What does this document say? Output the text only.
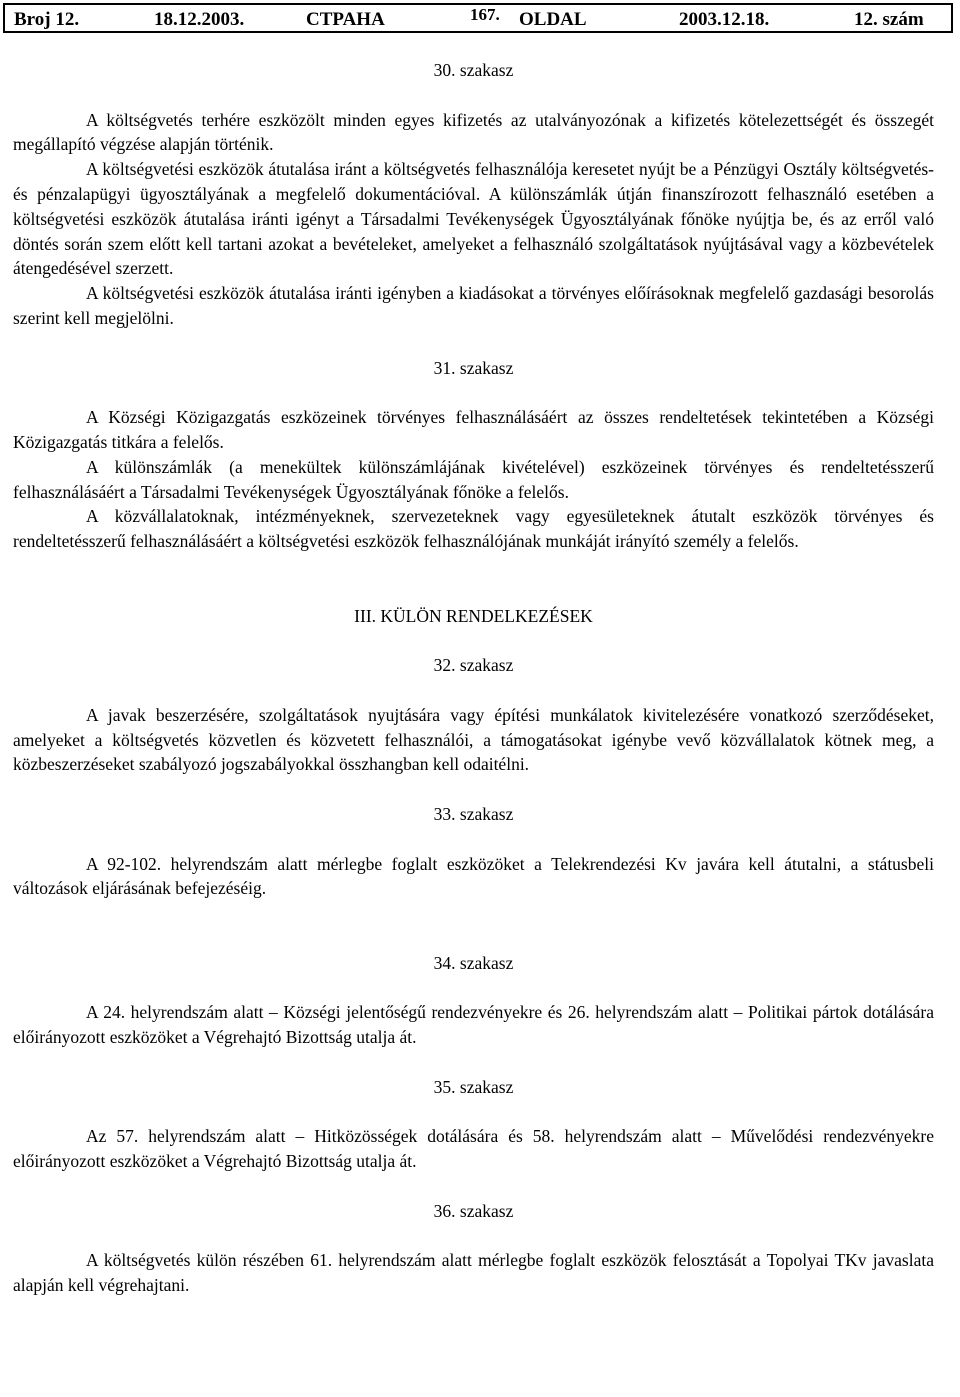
Broj 12.	18.12.2003.	CTPAHA	167. OLDAL	2003.12.18.	12. szám

30. szakasz

A költségvetés terhére eszközölt minden egyes kifizetés az utalványozónak a kifizetés kötelezettségét és összegét megállapító végzése alapján történik.

A költségvetési eszközök átutalása iránt a költségvetés felhasználója keresetet nyújt be a Pénzügyi Osztály költségvetés- és pénzalapügyi ügyosztályának a megfelelő dokumentációval. A különszámlák útján finanszírozott felhasználó esetében a költségvetési eszközök átutalása iránti igényt a Társadalmi Tevékenységek Ügyosztályának főnöke nyújtja be, és az erről való döntés során szem előtt kell tartani azokat a bevételeket, amelyeket a felhasználó szolgáltatások nyújtásával vagy a közbevételek átengedésével szerzett.

A költségvetési eszközök átutalása iránti igényben a kiadásokat a törvényes előírásoknak megfelelő gazdasági besorolás szerint kell megjelölni.

31. szakasz

A Községi Közigazgatás eszközeinek törvényes felhasználásáért az összes rendeltetések tekintetében a Községi Közigazgatás titkára a felelős.

A különszámlák (a menekültek különszámlájának kivételével) eszközeinek törvényes és rendeltetésszerű felhasználásáért a Társadalmi Tevékenységek Ügyosztályának főnöke a felelős.

A közvállalatoknak, intézményeknek, szervezeteknek vagy egyesületeknek átutalt eszközök törvényes és rendeltetésszerű felhasználásáért a költségvetési eszközök felhasználójának munkáját irányító személy a felelős.

III. KÜLÖN RENDELKEZÉSEK

32. szakasz

A javak beszerzésére, szolgáltatások nyujtására vagy építési munkálatok kivitelezésére vonatkozó szerződéseket, amelyeket a költségvetés közvetlen és közvetett felhasználói, a támogatásokat igénybe vevő közvállalatok kötnek meg, a közbeszerzéseket szabályozó jogszabályokkal összhangban kell odaitélni.

33. szakasz

A 92-102. helyrendszám alatt mérlegbe foglalt eszközöket a Telekrendezési Kv javára kell átutalni, a státusbeli változások eljárásának befejezéséig.

34. szakasz

A 24. helyrendszám alatt – Községi jelentőségű rendezvényekre és 26. helyrendszám alatt – Politikai pártok dotálására előirányozott eszközöket a Végrehajtó Bizottság utalja át.

35. szakasz

Az 57. helyrendszám alatt – Hitközösségek dotálására és 58. helyrendszám alatt – Művelődési rendezvényekre előirányozott eszközöket a Végrehajtó Bizottság utalja át.

36. szakasz

A költségvetés külön részében 61. helyrendszám alatt mérlegbe foglalt eszközök felosztását a Topolyai TKv javaslata alapján kell végrehajtani.
